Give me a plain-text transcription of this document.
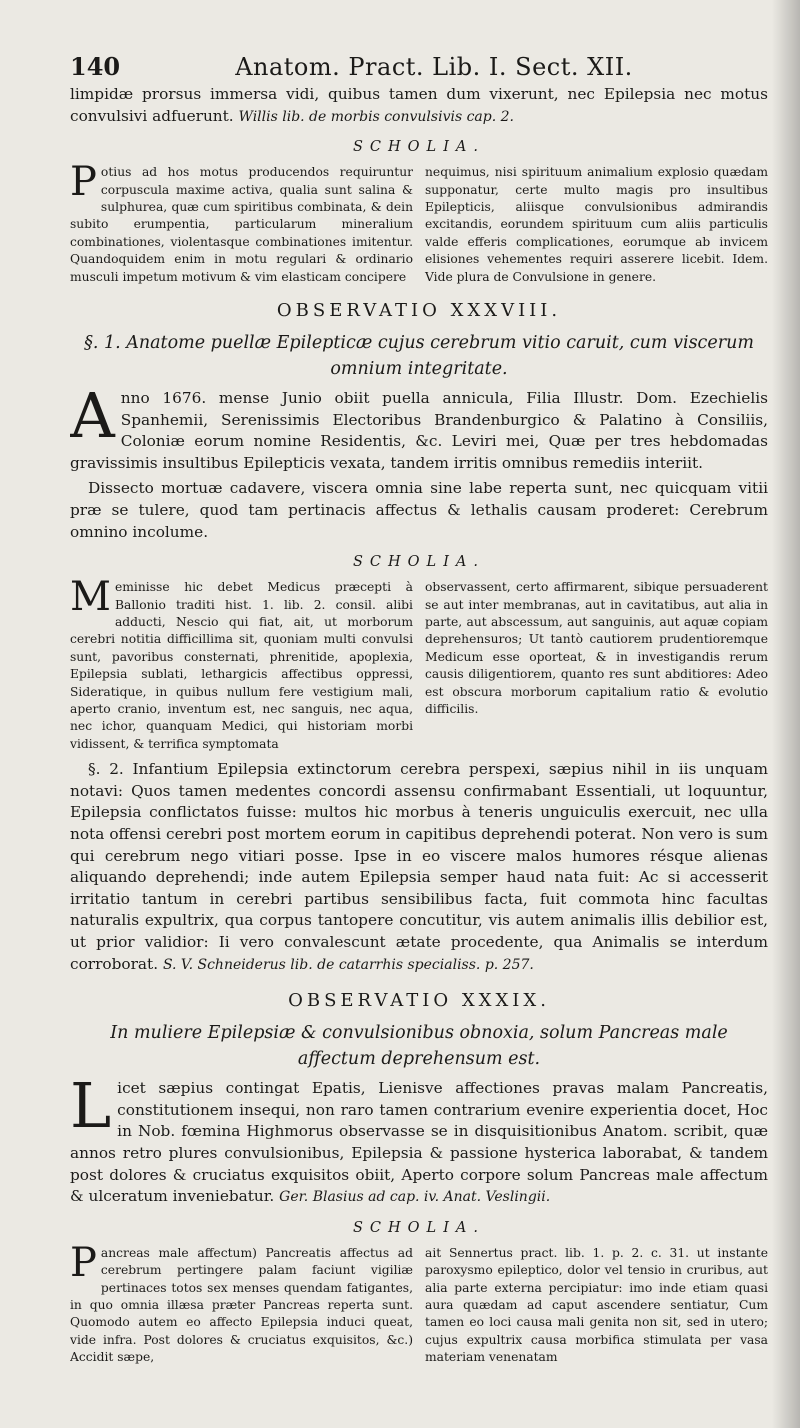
140	Anatom. Pract. Lib. I. Sect. XII.

limpidæ prorsus immersa vidi, quibus tamen dum vixerunt, nec Epilepsia nec motus convulsivi adfuerunt. Willis lib. de morbis convulsivis cap. 2.

SCHOLIA.
P otius ad hos motus producendos requiruntur corpuscula maxime activa, qualia sunt salina & sulphurea, quæ cum spiritibus combinata, & dein subito erumpentia, particularum mineralium combinationes, violentasque combinationes imitentur. Quandoquidem enim in motu regulari & ordinario musculi impetum motivum & vim elasticam concipere
nequimus, nisi spirituum animalium explosio quædam supponatur, certe multo magis pro insultibus Epilepticis, aliisque convulsionibus admirandis excitandis, eorundem spirituum cum aliis particulis valde efferis complicationes, eorumque ab invicem elisiones vehementes requiri asserere licebit. Idem. Vide plura de Convulsione in genere.
OBSERVATIO XXXVIII.
§. 1. Anatome puellæ Epilepticæ cujus cerebrum vitio caruit, cum viscerum omnium integritate.
A nno 1676. mense Junio obiit puella annicula, Filia Illustr. Dom. Ezechielis Spanhemii, Serenissimis Electoribus Brandenburgico & Palatino à Consiliis, Coloniæ eorum nomine Residentis, &c. Leviri mei, Quæ per tres hebdomadas gravissimis insultibus Epilepticis vexata, tandem irritis omnibus remediis interiit.

Dissecto mortuæ cadavere, viscera omnia sine labe reperta sunt, nec quicquam vitii præ se tulere, quod tam pertinacis affectus & lethalis causam proderet: Cerebrum omnino incolume.

SCHOLIA.
M eminisse hic debet Medicus præcepti à Ballonio traditi hist. 1. lib. 2. consil. alibi adducti, Nescio qui fiat, ait, ut morborum cerebri notitia difficillima sit, quoniam multi convulsi sunt, pavoribus consternati, phrenitide, apoplexia, Epilepsia sublati, lethargicis affectibus oppressi, Sideratique, in quibus nullum fere vestigium mali, aperto cranio, inventum est, nec sanguis, nec aqua, nec ichor, quanquam Medici, qui historiam morbi vidissent, & terrifica symptomata
observassent, certo affirmarent, sibique persuaderent se aut inter membranas, aut in cavitatibus, aut alia in parte, aut abscessum, aut sanguinis, aut aquæ copiam deprehensuros; Ut tantò cautiorem prudentioremque Medicum esse oporteat, & in investigandis rerum causis diligentiorem, quanto res sunt abditiores: Adeo est obscura morborum capitalium ratio & evolutio difficilis.

§. 2. Infantium Epilepsia extinctorum cerebra perspexi, sæpius nihil in iis unquam notavi: Quos tamen medentes concordi assensu confirmabant Essentiali, ut loquuntur, Epilepsia conflictatos fuisse: multos hic morbus à teneris unguiculis exercuit, nec ulla nota offensi cerebri post mortem eorum in capitibus deprehendi poterat. Non vero is sum qui cerebrum nego vitiari posse. Ipse in eo viscere malos humores résque alienas aliquando deprehendi; inde autem Epilepsia semper haud nata fuit: Ac si accesserit irritatio tantum in cerebri partibus sensibilibus facta, fuit commota hinc facultas naturalis expultrix, qua corpus tantopere concutitur, vis autem animalis illis debilior est, ut prior validior: Ii vero convalescunt ætate procedente, qua Animalis se interdum corroborat. S. V. Schneiderus lib. de catarrhis specialiss. p. 257.

OBSERVATIO XXXIX.
In muliere Epilepsiæ & convulsionibus obnoxia, solum Pancreas male affectum deprehensum est.
L icet sæpius contingat Epatis, Lienisve affectiones pravas malam Pancreatis, constitutionem insequi, non raro tamen contrarium evenire experientia docet, Hoc in Nob. fœmina Highmorus observasse se in disquisitionibus Anatom. scribit, quæ annos retro plures convulsionibus, Epilepsia & passione hysterica laborabat, & tandem post dolores & cruciatus exquisitos obiit, Aperto corpore solum Pancreas male affectum & ulceratum inveniebatur. Ger. Blasius ad cap. iv. Anat. Veslingii.
SCHOLIA.
P ancreas male affectum) Pancreatis affectus ad cerebrum pertingere palam faciunt vigiliæ pertinaces totos sex menses quendam fatigantes, in quo omnia illæsa præter Pancreas reperta sunt. Quomodo autem eo affecto Epilepsia induci queat, vide infra. Post dolores & cruciatus exquisitos, &c.) Accidit sæpe,
ait Sennertus pract. lib. 1. p. 2. c. 31. ut instante paroxysmo epileptico, dolor vel tensio in cruribus, aut alia parte externa percipiatur: imo inde etiam quasi aura quædam ad caput ascendere sentiatur, Cum tamen eo loci causa mali genita non sit, sed in utero; cujus expultrix causa morbifica stimulata per vasa materiam venenatam
